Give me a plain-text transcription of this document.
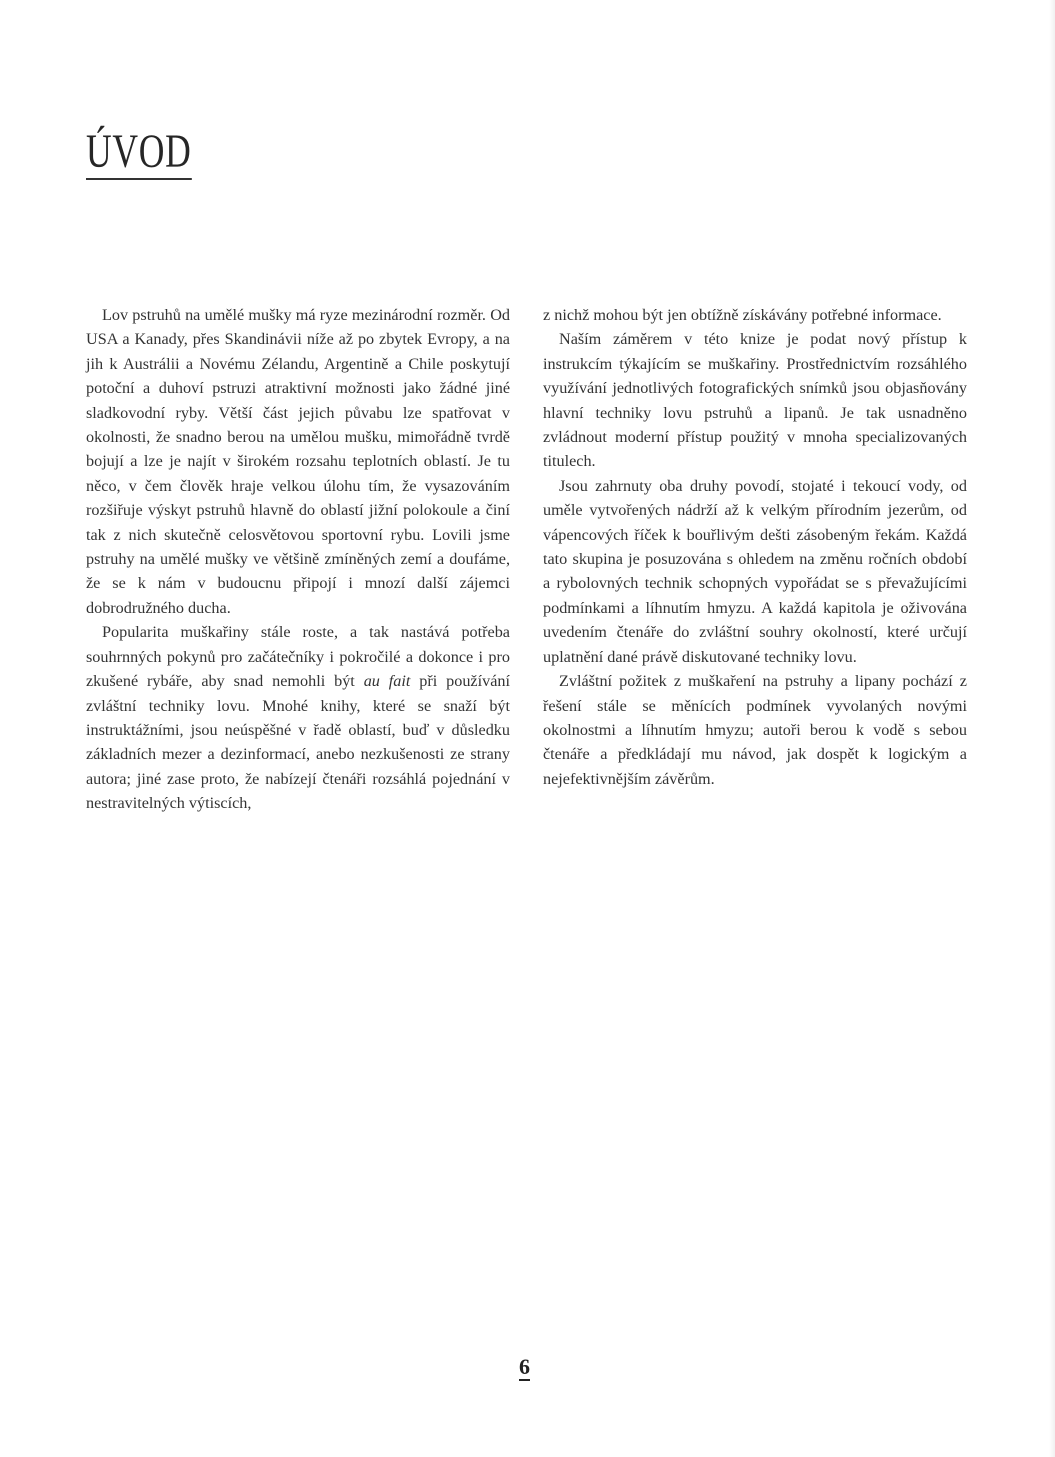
ÚVOD

Lov pstruhů na umělé mušky má ryze mezinárodní rozměr. Od USA a Kanady, přes Skandinávii níže až po zbytek Evropy, a na jih k Austrálii a Novému Zélandu, Argentině a Chile poskytují potoční a duhoví pstruzi atraktivní možnosti jako žádné jiné sladkovodní ryby. Větší část jejich půvabu lze spatřovat v okolnosti, že snadno berou na umělou mušku, mimořádně tvrdě bojují a lze je najít v širokém rozsahu teplotních oblastí. Je tu něco, v čem člověk hraje velkou úlohu tím, že vysazováním rozšiřuje výskyt pstruhů hlavně do oblastí jižní polokoule a činí tak z nich skutečně celosvětovou sportovní rybu. Lovili jsme pstruhy na umělé mušky ve většině zmíněných zemí a doufáme, že se k nám v budoucnu připojí i mnozí další zájemci dobrodružného ducha.

Popularita muškařiny stále roste, a tak nastává potřeba souhrnných pokynů pro začátečníky i pokročilé a dokonce i pro zkušené rybáře, aby snad nemohli být au fait při používání zvláštní techniky lovu. Mnohé knihy, které se snaží být instruktážními, jsou neúspěšné v řadě oblastí, buď v důsledku základních mezer a dezinformací, anebo nezkušenosti ze strany autora; jiné zase proto, že nabízejí čtenáři rozsáhlá pojednání v nestravitelných výtiscích,

z nichž mohou být jen obtížně získávány potřebné informace.

Naším záměrem v této knize je podat nový přístup k instrukcím týkajícím se muškařiny. Prostřednictvím rozsáhlého využívání jednotlivých fotografických snímků jsou objasňovány hlavní techniky lovu pstruhů a lipanů. Je tak usnadněno zvládnout moderní přístup použitý v mnoha specializovaných titulech.

Jsou zahrnuty oba druhy povodí, stojaté i tekoucí vody, od uměle vytvořených nádrží až k velkým přírodním jezerům, od vápencových říček k bouřlivým dešti zásobeným řekám. Každá tato skupina je posuzována s ohledem na změnu ročních období a rybolovných technik schopných vypořádat se s převažujícími podmínkami a líhnutím hmyzu. A každá kapitola je oživována uvedením čtenáře do zvláštní souhry okolností, které určují uplatnění dané právě diskutované techniky lovu.

Zvláštní požitek z muškaření na pstruhy a lipany pochází z řešení stále se měnících podmínek vyvolaných novými okolnostmi a líhnutím hmyzu; autoři berou k vodě s sebou čtenáře a předkládají mu návod, jak dospět k logickým a nejefektivnějším závěrům.

6
